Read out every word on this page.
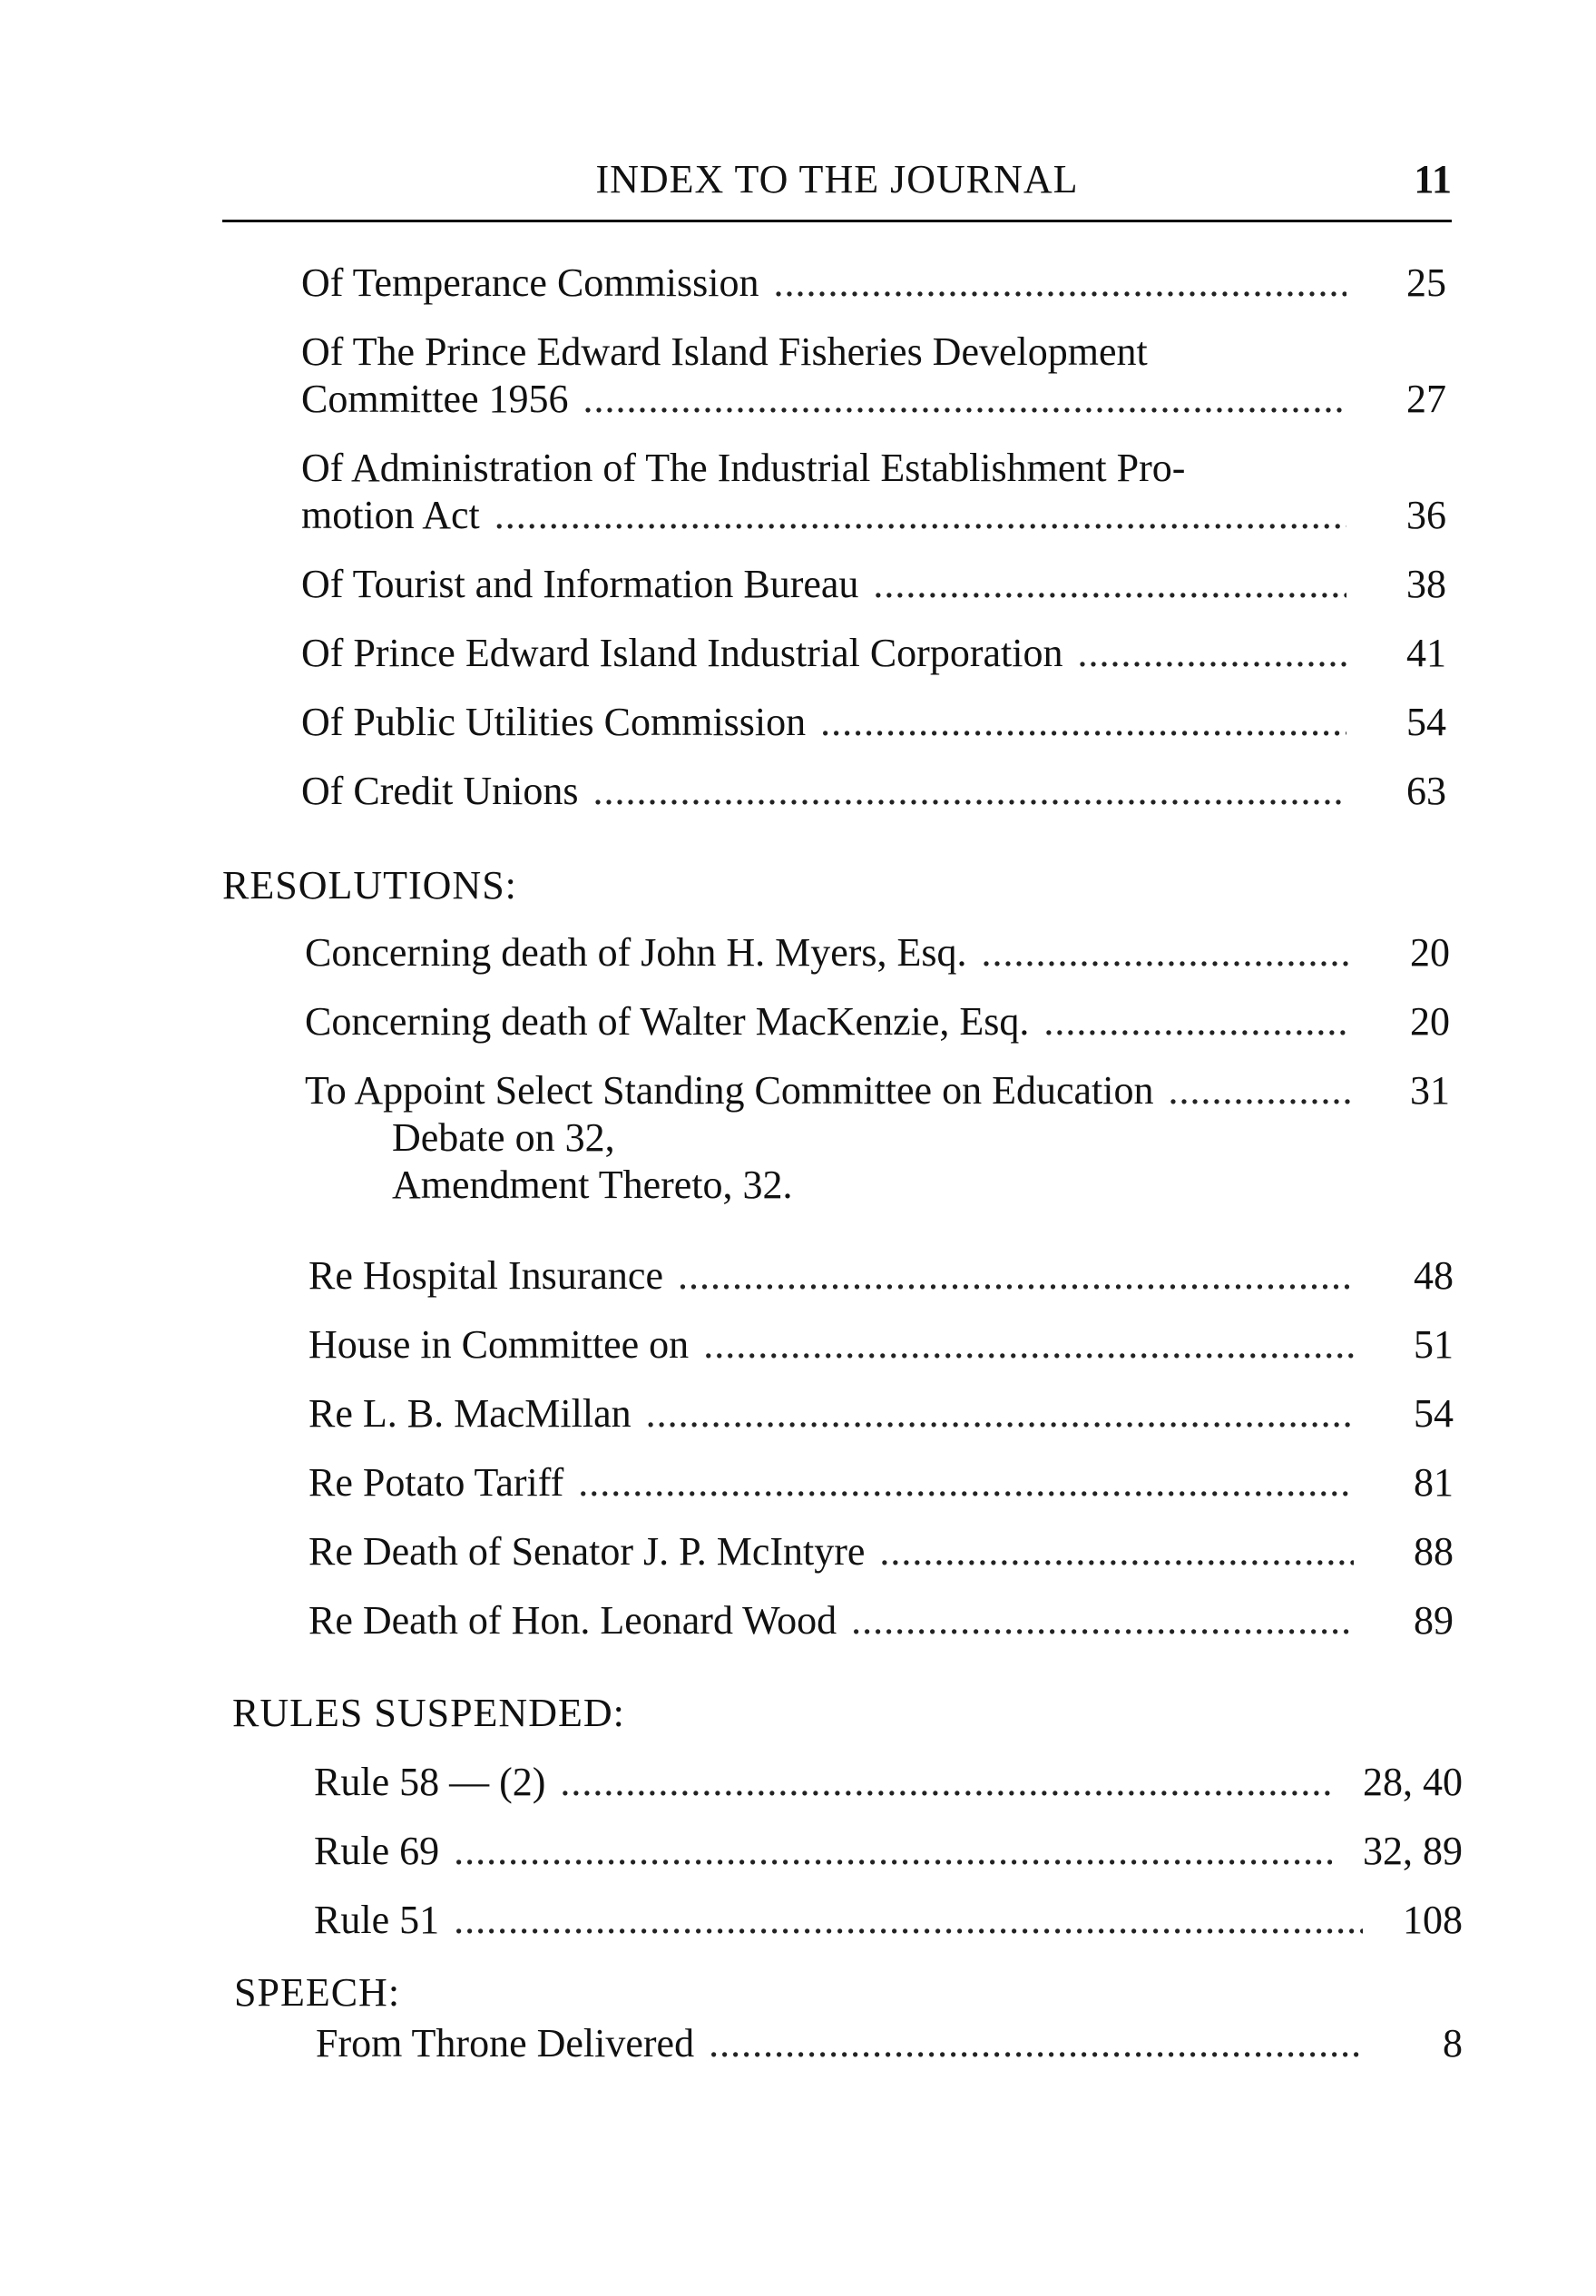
INDEX TO THE JOURNAL	11
Of Temperance Commission .....	25
Of The Prince Edward Island Fisheries Development
Committee 1956 .....	27
Of Administration of The Industrial Establishment Pro-
motion Act .....	36
Of Tourist and Information Bureau .....	38
Of Prince Edward Island Industrial Corporation .....	41
Of Public Utilities Commission .....	54
Of Credit Unions .....	63
RESOLUTIONS:
Concerning death of John H. Myers, Esq. .....	20
Concerning death of Walter MacKenzie, Esq. .....	20
To Appoint Select Standing Committee on Education .....	31
Debate on 32,
Amendment Thereto, 32.
Re Hospital Insurance .....	48
House in Committee on .....	51
Re L. B. MacMillan .....	54
Re Potato Tariff .....	81
Re Death of Senator J. P. McIntyre .....	88
Re Death of Hon. Leonard Wood .....	89
RULES SUSPENDED:
Rule 58 — (2) .....	28, 40
Rule 69 .....	32, 89
Rule 51 .....	108
SPEECH:
From Throne Delivered .....	8
